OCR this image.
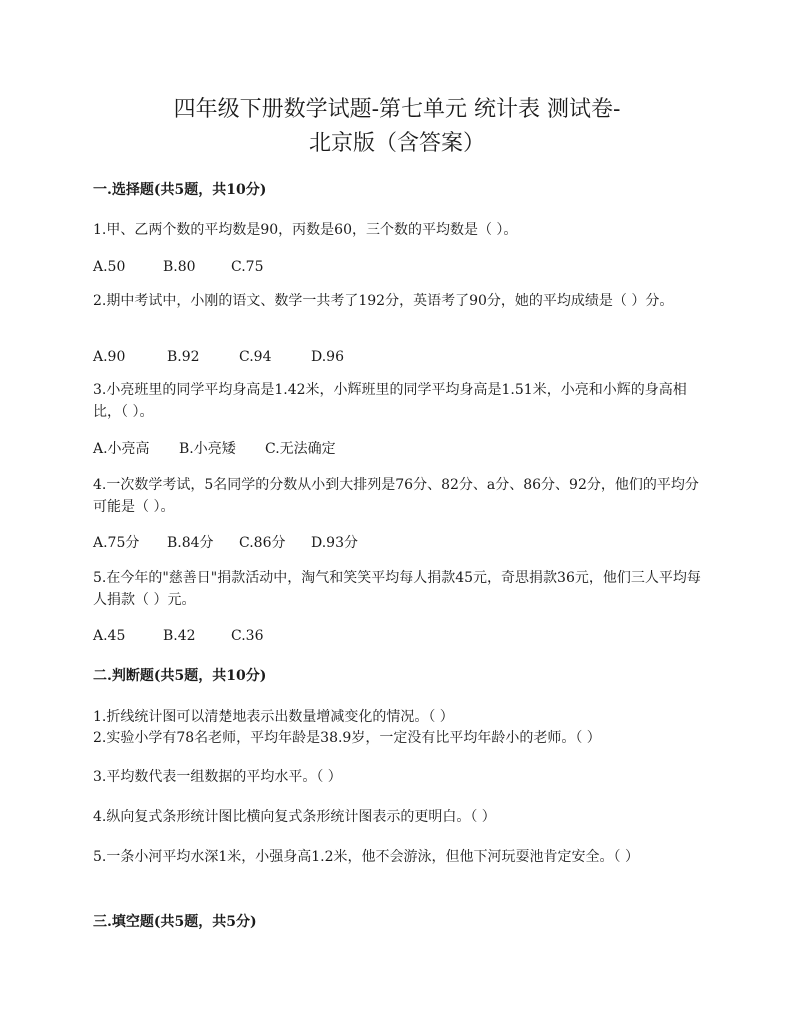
四年级下册数学试题-第七单元 统计表 测试卷-
北京版（含答案）
一.选择题(共5题，共10分)
1.甲、乙两个数的平均数是90，丙数是60，三个数的平均数是（ ）。
A.50	B.80	C.75
2.期中考试中，小刚的语文、数学一共考了192分，英语考了90分，她的平均成绩是（ ）分。
A.90	B.92	C.94	D.96
3.小亮班里的同学平均身高是1.42米，小辉班里的同学平均身高是1.51米，小亮和小辉的身高相比，（ ）。
A.小亮高 B.小亮矮 C.无法确定
4.一次数学考试，5名同学的分数从小到大排列是76分、82分、a分、86分、92分，他们的平均分可能是（ ）。
A.75分 B.84分 C.86分 D.93分
5.在今年的"慈善日"捐款活动中，淘气和笑笑平均每人捐款45元，奇思捐款36元，他们三人平均每人捐款（ ）元。
A.45	B.42	C.36
二.判断题(共5题，共10分)
1.折线统计图可以清楚地表示出数量增减变化的情况。（ ）
2.实验小学有78名老师，平均年龄是38.9岁，一定没有比平均年龄小的老师。（ ）
3.平均数代表一组数据的平均水平。（ ）
4.纵向复式条形统计图比横向复式条形统计图表示的更明白。（ ）
5.一条小河平均水深1米，小强身高1.2米，他不会游泳，但他下河玩耍池肯定安全。（ ）
三.填空题(共5题，共5分)
